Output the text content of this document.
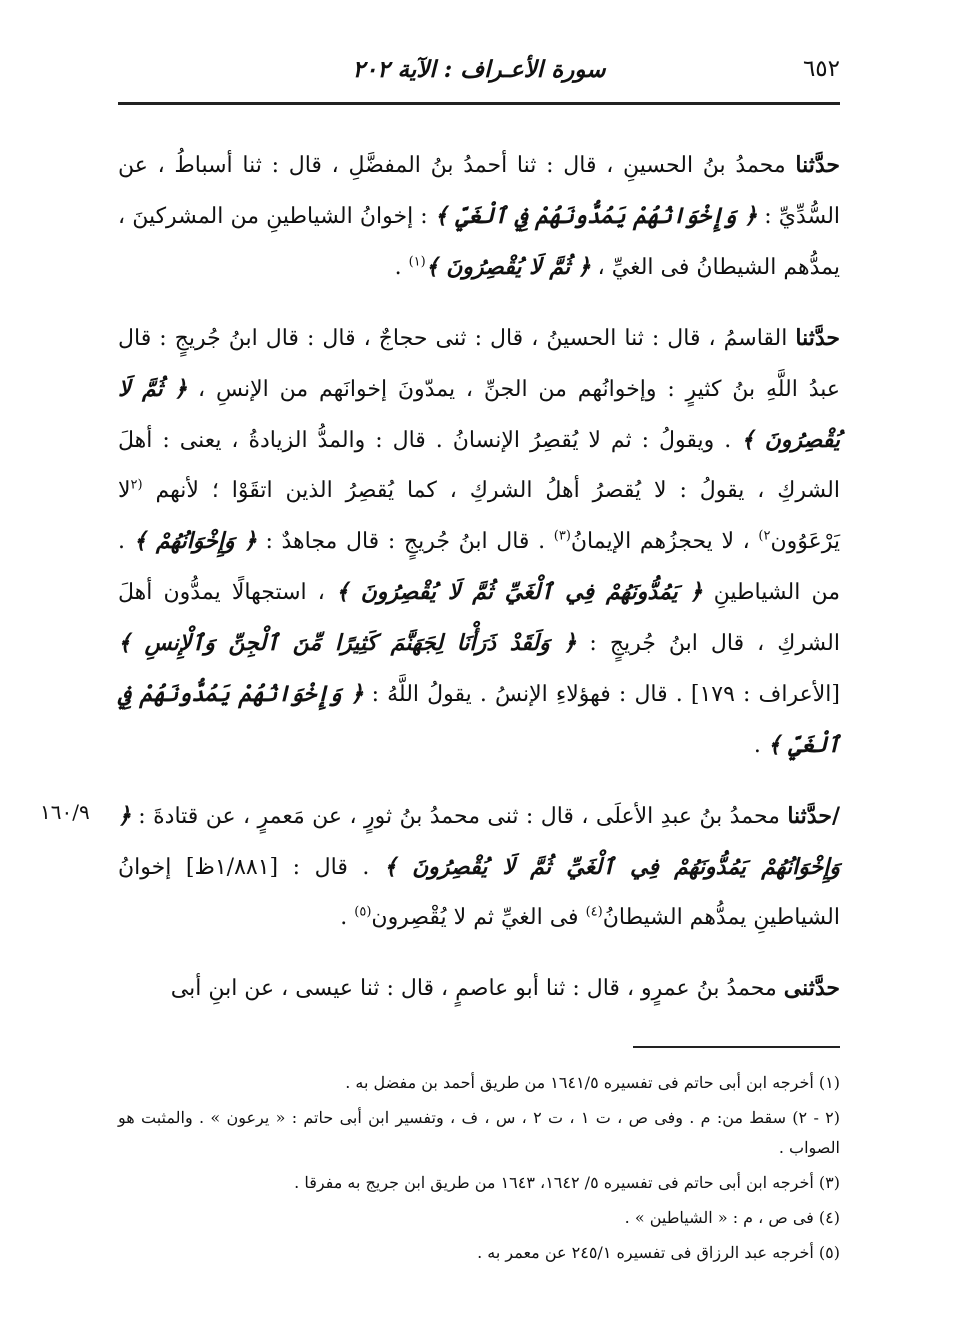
٦٥٢
سورة الأعـراف : الآية ٢٠٢
١٦٠/٩

حدَّثنا محمدُ بنُ الحسينِ ، قال : ثنا أحمدُ بنُ المفضَّلِ ، قال : ثنا أسباطُ ، عن السُّدِّيِّ : ﴿ وَإِخْوَانُهُمْ يَمُدُّونَهُمْ فِي ٱلْغَيِّ ﴾ : إخوانُ الشياطينِ من المشركينَ ، يمدُّهم الشيطانُ فى الغيِّ ، ﴿ ثُمَّ لَا يُقْصِرُونَ ﴾$^{(١)}$ .

حدَّثنا القاسمُ ، قال : ثنا الحسينُ ، قال : ثنى حجاجٌ ، قال : قال ابنُ جُريجٍ : قال عبدُ اللَّهِ بنُ كثيرٍ : وإخوانُهم من الجنِّ ، يمدّونَ إخوانَهم من الإنسِ ، ﴿ ثُمَّ لَا يُقْصِرُونَ ﴾ . ويقولُ : ثم لا يُقصِرُ الإنسانُ . قال : والمدُّ الزيادةُ ، يعنى : أهلَ الشركِ ، يقولُ : لا يُقصرُ أهلُ الشركِ ، كما يُقصِرُ الذين اتقَوْا ؛ لأنهم $^{(٢}$لا يَرْعَوُون$^{٢)}$ ، لا يحجزُهم الإيمانُ$^{(٣)}$ . قال ابنُ جُريجٍ : قال مجاهدٌ : ﴿ وَإِخْوَانُهُمْ ﴾ . من الشياطينِ ﴿ يَمُدُّونَهُمْ فِي ٱلْغَيِّ ثُمَّ لَا يُقْصِرُونَ ﴾ ، استجهالًا يمدُّون أهلَ الشركِ ، قال ابنُ جُريجٍ : ﴿ وَلَقَدْ ذَرَأْنَا لِجَهَنَّمَ كَثِيرًا مِّنَ ٱلْجِنِّ وَٱلْإِنسِ ﴾ [الأعراف : ١٧٩] . قال : فهؤلاءِ الإنسُ . يقولُ اللَّهُ : ﴿ وَإِخْوَانُهُمْ يَمُدُّونَهُمْ فِي ٱلْغَيِّ ﴾ .

/حدَّثنا محمدُ بنُ عبدِ الأعلَى ، قال : ثنى محمدُ بنُ ثورٍ ، عن مَعمرٍ ، عن قتادةَ : ﴿ وَإِخْوَانُهُمْ يَمُدُّونَهُمْ فِي ٱلْغَيِّ ثُمَّ لَا يُقْصِرُونَ ﴾ . قال : [١/٨٨١ظ] إخوانُ الشياطينِ يمدُّهم الشيطانُ$^{(٤)}$ فى الغيِّ ثم لا يُقْصِرون$^{(٥)}$ .

حدَّثنى محمدُ بنُ عمرٍو ، قال : ثنا أبو عاصمٍ ، قال : ثنا عيسى ، عن ابنِ أبى

(١) أخرجه ابن أبى حاتم فى تفسيره ١٦٤١/٥ من طريق أحمد بن مفضل به .
(٢ - ٢) سقط من: م . وفى ص ، ت ١ ، ت ٢ ، س ، ف ، وتفسير ابن أبى حاتم : « يرعون » . والمثبت هو الصواب .
(٣) أخرجه ابن أبى حاتم فى تفسيره ٥/ ١٦٤٢، ١٦٤٣ من طريق ابن جريج به مفرقا .
(٤) فى ص ، م : « الشياطين » .
(٥) أخرجه عبد الرزاق فى تفسيره ٢٤٥/١ عن معمر به .
